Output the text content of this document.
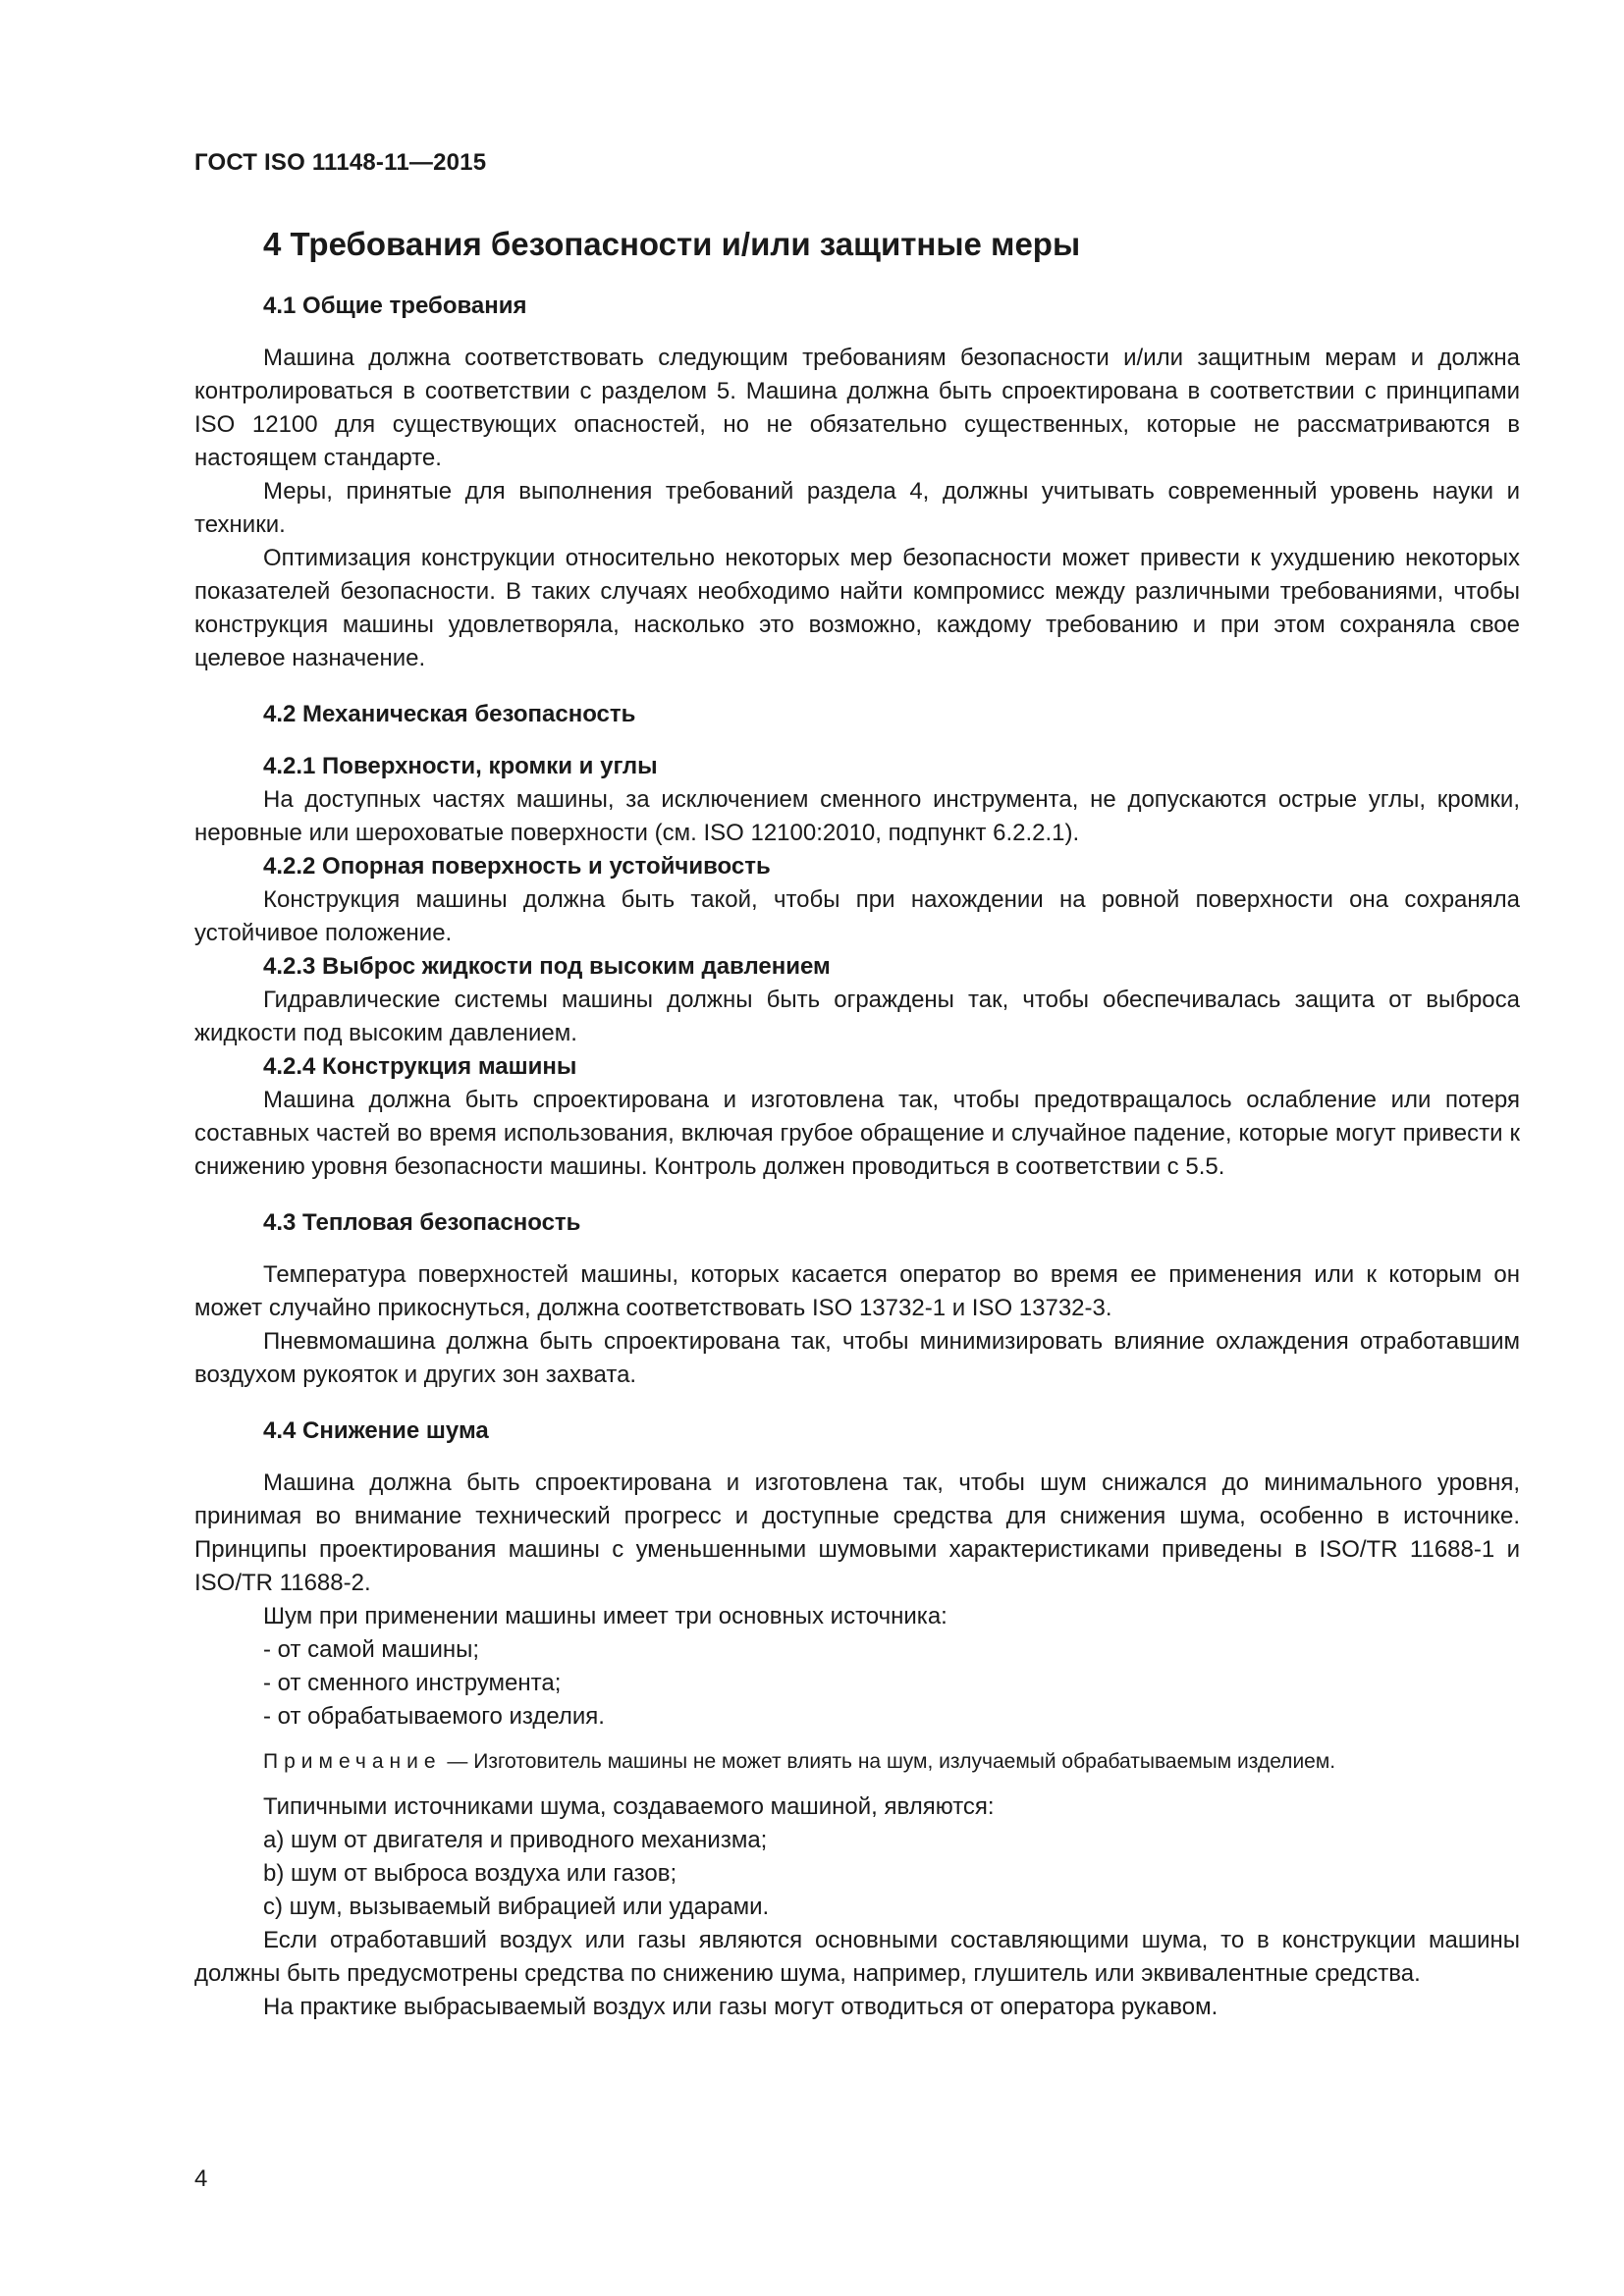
ГОСТ ISO 11148-11—2015
4 Требования безопасности и/или защитные меры
4.1 Общие требования

Машина должна соответствовать следующим требованиям безопасности и/или защитным мерам и должна контролироваться в соответствии с разделом 5. Машина должна быть спроектирована в соответствии с принципами ISO 12100 для существующих опасностей, но не обязательно существенных, которые не рассматриваются в настоящем стандарте.

Меры, принятые для выполнения требований раздела 4, должны учитывать современный уровень науки и техники.

Оптимизация конструкции относительно некоторых мер безопасности может привести к ухудшению некоторых показателей безопасности. В таких случаях необходимо найти компромисс между различными требованиями, чтобы конструкция машины удовлетворяла, насколько это возможно, каждому требованию и при этом сохраняла свое целевое назначение.

4.2 Механическая безопасность
4.2.1 Поверхности, кромки и углы

На доступных частях машины, за исключением сменного инструмента, не допускаются острые углы, кромки, неровные или шероховатые поверхности (см. ISO 12100:2010, подпункт 6.2.2.1).

4.2.2 Опорная поверхность и устойчивость

Конструкция машины должна быть такой, чтобы при нахождении на ровной поверхности она сохраняла устойчивое положение.

4.2.3 Выброс жидкости под высоким давлением

Гидравлические системы машины должны быть ограждены так, чтобы обеспечивалась защита от выброса жидкости под высоким давлением.

4.2.4 Конструкция машины

Машина должна быть спроектирована и изготовлена так, чтобы предотвращалось ослабление или потеря составных частей во время использования, включая грубое обращение и случайное падение, которые могут привести к снижению уровня безопасности машины. Контроль должен проводиться в соответствии с 5.5.

4.3 Тепловая безопасность

Температура поверхностей машины, которых касается оператор во время ее применения или к которым он может случайно прикоснуться, должна соответствовать ISO 13732-1 и ISO 13732-3.

Пневмомашина должна быть спроектирована так, чтобы минимизировать влияние охлаждения отработавшим воздухом рукояток и других зон захвата.

4.4 Снижение шума

Машина должна быть спроектирована и изготовлена так, чтобы шум снижался до минимального уровня, принимая во внимание технический прогресс и доступные средства для снижения шума, особенно в источнике. Принципы проектирования машины с уменьшенными шумовыми характеристиками приведены в ISO/TR 11688-1 и ISO/TR 11688-2.

Шум при применении машины имеет три основных источника:

- от самой машины;
- от сменного инструмента;
- от обрабатываемого изделия.
Примечание — Изготовитель машины не может влиять на шум, излучаемый обрабатываемым изделием.

Типичными источниками шума, создаваемого машиной, являются:

a) шум от двигателя и приводного механизма;
b) шум от выброса воздуха или газов;
c) шум, вызываемый вибрацией или ударами.

Если отработавший воздух или газы являются основными составляющими шума, то в конструкции машины должны быть предусмотрены средства по снижению шума, например, глушитель или эквивалентные средства.

На практике выбрасываемый воздух или газы могут отводиться от оператора рукавом.

4
